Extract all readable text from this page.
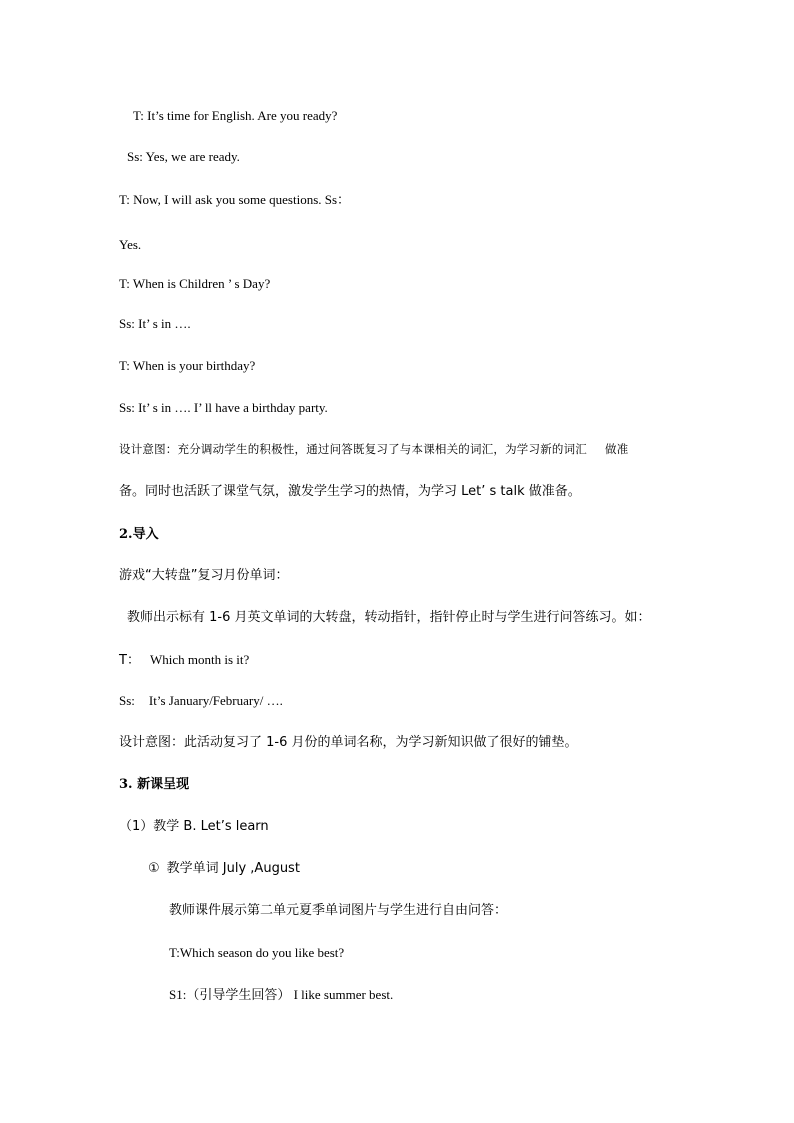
T: It’s time for English. Are you ready?
Ss: Yes, we are ready.
T: Now, I will ask you some questions. Ss：
Yes.
T: When is Children ’ s Day?
Ss: It’ s in ….
T: When is your birthday?
Ss: It’ s in …. I’ ll have a birthday party.
设计意图：充分调动学生的积极性，通过问答既复习了与本课相关的词汇，为学习新的词汇 做准
备。同时也活跃了课堂气氛，激发学生学习的热情，为学习 Let’ s talk 做准备。
2.导入
游戏“大转盘”复习月份单词：
教师出示标有 1-6 月英文单词的大转盘，转动指针，指针停止时与学生进行问答练习。如：
T： Which month is it?
Ss: It’s January/February/ ….
设计意图：此活动复习了 1-6 月份的单词名称，为学习新知识做了很好的铺垫。
3. 新课呈现
（1）教学 B. Let’s learn
① 教学单词 July ,August
教师课件展示第二单元夏季单词图片与学生进行自由问答：
T:Which season do you like best?
S1:（引导学生回答） I like summer best.
